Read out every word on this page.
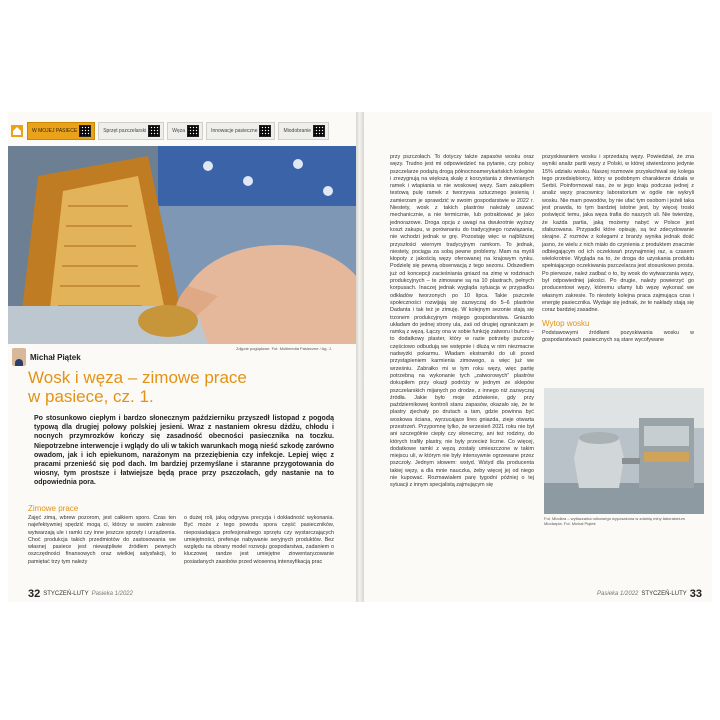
W MOJEJ PASIECE	Sprzęt pszczelarski	Węza	Innowacje pasieczne	Miodobranie
Zdjęcie poglądowe. Fot. Multimedia Pasieczne / Ag. J.
Michał Piątek
Wosk i węza – zimowe prace
w pasiece, cz. 1.
Po stosunkowo ciepłym i bardzo słonecznym październiku przyszedł listopad z pogodą typową dla drugiej połowy polskiej jesieni. Wraz z nastaniem okresu dżdżu, chłodu i nocnych przymrozków kończy się zasadność obecności pasiecznika na toczku. Niepotrzebne interwencje i wglądy do uli w takich warunkach mogą nieść szkodę zarówno owadom, jak i ich epiekunom, narażonym na przeziębienia czy infekcje. Lepiej więc z pracami przenieść się pod dach. Im bardziej przemyślane i staranne przygotowania do wiosny, tym prostsze i łatwiejsze będą prace przy pszczołach, gdy nastanie na to odpowiednia pora.
Zimowe prace

Zajęć zimą, wbrew pozorom, jest całkiem sporo. Czas ten najefektywniej spędzić mogą ci, którzy w swoim zakresie wytwarzają ule i ramki czy inne jeszcze sprzęty i urządzenia. Choć produkcja takich przedmiotów do zastosowania we własnej pasiece jest niewątpliwie źródłem pewnych oszczędności finansowych oraz wielkiej satysfakcji, to pamiętać trzy tym należy

o dużej roli, jaką odgrywa precyzja i dokładność wykonania. Być może z tego powodu spora część pasieczników, nieposiadająca profesjonalnego sprzętu czy wystarczających umiejętności, preferuje nabywanie seryjnych produktów. Bez względu na obrany model rozwoju gospodarstwa, zadaniem o kluczowej randze jest umiejętne zinwentaryzowanie posiadanych zasobów przed wiosenną intensyfikacją prac

32 STYCZEŃ-LUTY Pasieka 1/2022

przy pszczołach. To dotyczy także zapasów wosku oraz węzy. Trudno jest mi odpowiedzieć na pytanie, czy polscy pszczelarze podążą drogą północnoamerykańskich kolegów i zrezygnują na większą skalę z korzystania z drewnianych ramek i wtapiania w nie woskowej węzy. Sam zakupiłem testową pulę ramek z tworzywa sztucznego jesienią i zamierzam je sprawdzić w swoim gospodarstwie w 2022 r. Niestety, wosk z takich plastrów należały usuwać mechanicznie, a nie termicznie, lub potraktować je jako jednorazowe. Droga opcja z uwagi na dwukrotnie wyższy koszt zakupu, w porównaniu do tradycyjnego rozwiązania, nie wchodzi jednak w grę. Pozostaję więc w najbliższej przyszłości wiernym tradycyjnym ramkom. To jednak, niestety, pociąga za sobą pewne problemy. Mam na myśli kłopoty z jakością węzy oferowanej na krajowym rynku. Podzielę się pewną obserwacją z tego sezonu. Odszedłem już od koncepcji zacieśniania gniazd na zimę w rodzinach produkcyjnych – te zimowane są na 10 plastrach, pełnych korpusach. Inaczej jednak wygląda sytuacja w przypadku odkładów tworzonych po 10 lipca. Takie pszczele społeczności rozwijają się zazwyczaj do 5–6 plastrów Dadanta i tak też je zimuję. W kolejnym sezonie stają się trzonem produkcyjnym mojego gospodarstwa. Gniazdo układam do jednej strony ula, zaś od drugiej ograniczam je ramką z węzą. Łączy ona w sobie funkcję zatworu i buforu – to dodatkowy plaster, który w razie potrzeby pszczoły częściowo odbudują we wstępnie i dłużą w nim niezmacne nadwyżki pokarmu. Władam ekstramiki do uli przed przystąpieniem karmienia zimowego, a więc już we wrześniu. Zabrałko mi w tym roku węzy, więc partię potrzebną na wykonanie tych „zatworowych” plastrów dokupiłem przy okazji podróży w jednym ze sklepów pszczelarskich mijanych po drodze, z innego niż zazwyczaj źródła. Jakie było moje zdziwienie, gdy przy październikowej kontroli stanu zapasów, okazało się, że te plastry zjechały po drutach a tam, gdzie powinna być woskowa ściana, wyrzucające lires gniazda, zieje otwarta przestrzeń. Przypomnę tylko, że wrzesień 2021 roku nie był ani szczególnie ciepły czy słoneczny, ani też rodziny, do których trafiły plastry, nie były przecież liczne. Co więcej, dodatkowe ramki z węzą zostały umieszczone w takim miejscu uli, w którym nie były intensywnie ogrzewane przez pszczoły. Jednym słowem: wstyd. Wstyd dla producenta takiej węzy, a dla mnie nauczka, żeby więcej jej od niego nie kupować. Rozmawiałem parę tygodni później o tej sytuacji z innym specjalistą zajmującym się

pozyskiwaniem wosku i sprzedażą węzy. Powiedział, że zna wyniki analiz partii węzy z Polski, w której stwierdzono jedynie 15% udziału wosku. Naszej rozmowie przysłuchiwał się kolega tego przedsiębiorcy, który w podobnym charakterze działa w Serbii. Poinformował nas, że w jego kraju podczas jednej z analiz węzy pracownicy laboratorium w ogóle nie wykryli wosku. Nie mam powodów, by nie ufać tym osobom i jeżeli taka jest prawda, to tym bardziej istotne jest, by więcej troski poświęcić temu, jaka węza trafia do naszych uli. Nie twierdzę, że każda partia, jaką możemy nabyć w Polsce jest sfałszowana. Przypadki które opisuję, są też zdecydowanie skrajne. Z rozmów z kolegami z branży wynika jednak dość jasno, że wielu z nich miało do czynienia z produktem znacznie odbiegającym od ich oczekiwań przynajmniej raz, a czasem wielokrotnie. Wygląda na to, że droga do uzyskania produktu spełniającego oczekiwania pszczelarza jest stosunkowo prosta. Po pierwsze, należ zadbać o to, by wosk do wytwarzania węzy, był odpowiedniej jakości. Po drugie, należy powierzyć go producentowi węzy, któremu ufamy lub węzę wykonać we własnym zakresie. To niestety kolejna praca zajmująca czas i energię pasiecznika. Wydaje się jednak, że te nakłady stają się coraz bardziej zasadne.

Wytop wosku

Podstawowymi źródłami pozyskiwania wosku w gospodarstwach pasiecznych są stare wycofywane

Fot. Miodkra – wytlaczarka rolkowego wyposażona w zdalnię miny łaboratorium Miodarpia. Fot. Michał Piątek
Pasieka 1/2022 STYCZEŃ-LUTY 33
